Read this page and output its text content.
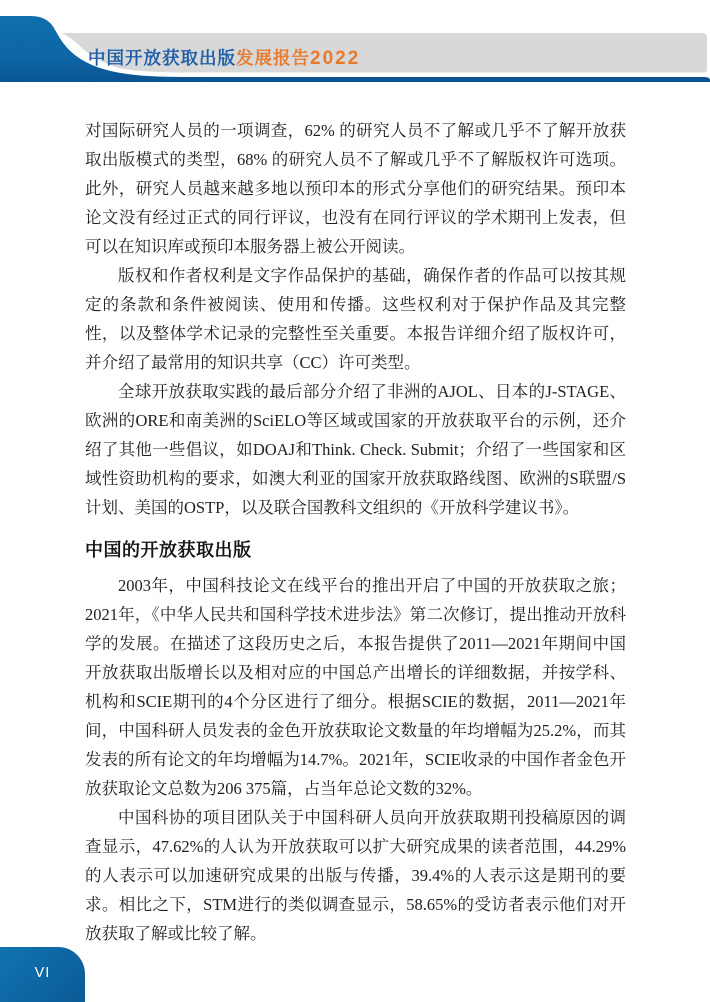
中国开放获取出版发展报告2022

对国际研究人员的一项调查，62% 的研究人员不了解或几乎不了解开放获取出版模式的类型，68% 的研究人员不了解或几乎不了解版权许可选项。此外，研究人员越来越多地以预印本的形式分享他们的研究结果。预印本论文没有经过正式的同行评议，也没有在同行评议的学术期刊上发表，但可以在知识库或预印本服务器上被公开阅读。

版权和作者权利是文字作品保护的基础，确保作者的作品可以按其规定的条款和条件被阅读、使用和传播。这些权利对于保护作品及其完整性，以及整体学术记录的完整性至关重要。本报告详细介绍了版权许可，并介绍了最常用的知识共享（CC）许可类型。

全球开放获取实践的最后部分介绍了非洲的AJOL、日本的J-STAGE、欧洲的ORE和南美洲的SciELO等区域或国家的开放获取平台的示例，还介绍了其他一些倡议，如DOAJ和Think. Check. Submit；介绍了一些国家和区域性资助机构的要求，如澳大利亚的国家开放获取路线图、欧洲的S联盟/S计划、美国的OSTP，以及联合国教科文组织的《开放科学建议书》。

中国的开放获取出版

2003年，中国科技论文在线平台的推出开启了中国的开放获取之旅；2021年，《中华人民共和国科学技术进步法》第二次修订，提出推动开放科学的发展。在描述了这段历史之后，本报告提供了2011—2021年期间中国开放获取出版增长以及相对应的中国总产出增长的详细数据，并按学科、机构和SCIE期刊的4个分区进行了细分。根据SCIE的数据，2011—2021年间，中国科研人员发表的金色开放获取论文数量的年均增幅为25.2%，而其发表的所有论文的年均增幅为14.7%。2021年，SCIE收录的中国作者金色开放获取论文总数为206 375篇，占当年总论文数的32%。

中国科协的项目团队关于中国科研人员向开放获取期刊投稿原因的调查显示，47.62%的人认为开放获取可以扩大研究成果的读者范围，44.29%的人表示可以加速研究成果的出版与传播，39.4%的人表示这是期刊的要求。相比之下，STM进行的类似调查显示，58.65%的受访者表示他们对开放获取了解或比较了解。

VI
